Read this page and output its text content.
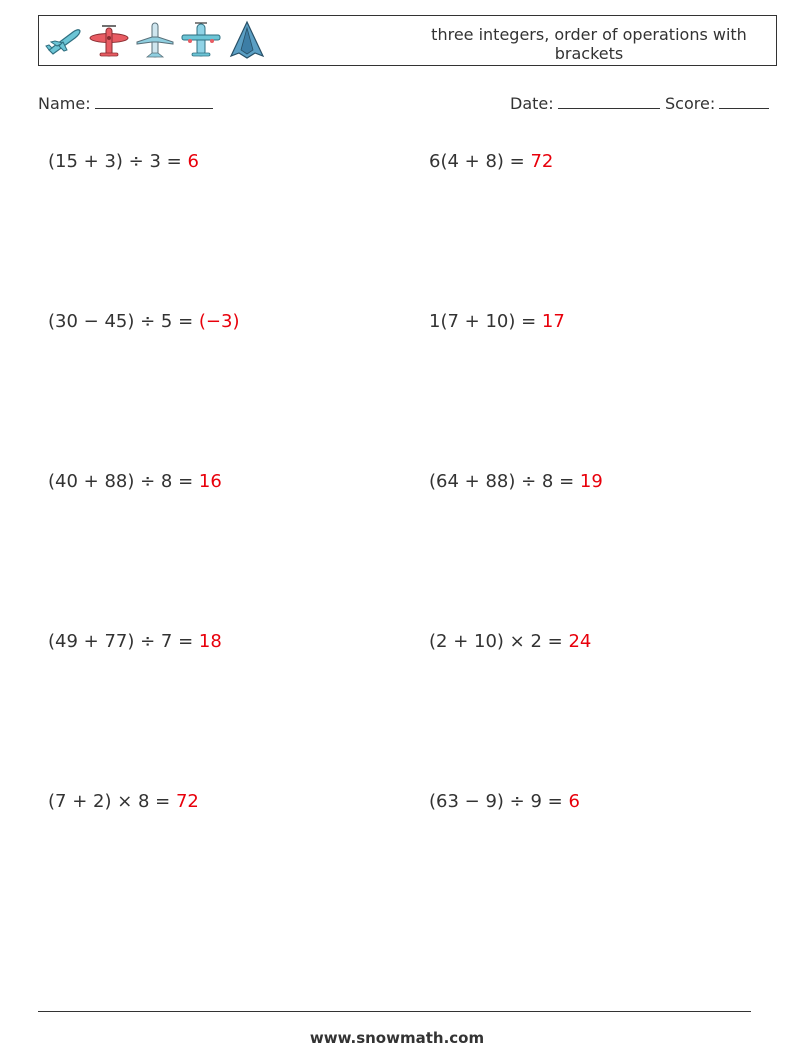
three integers, order of operations with brackets
Name:	Date:	Score:
(15 + 3) ÷ 3 = 6	6(4 + 8) = 72
(30 − 45) ÷ 5 = (−3)	1(7 + 10) = 17
(40 + 88) ÷ 8 = 16	(64 + 88) ÷ 8 = 19
(49 + 77) ÷ 7 = 18	(2 + 10) × 2 = 24
(7 + 2) × 8 = 72	(63 − 9) ÷ 9 = 6
www.snowmath.com
